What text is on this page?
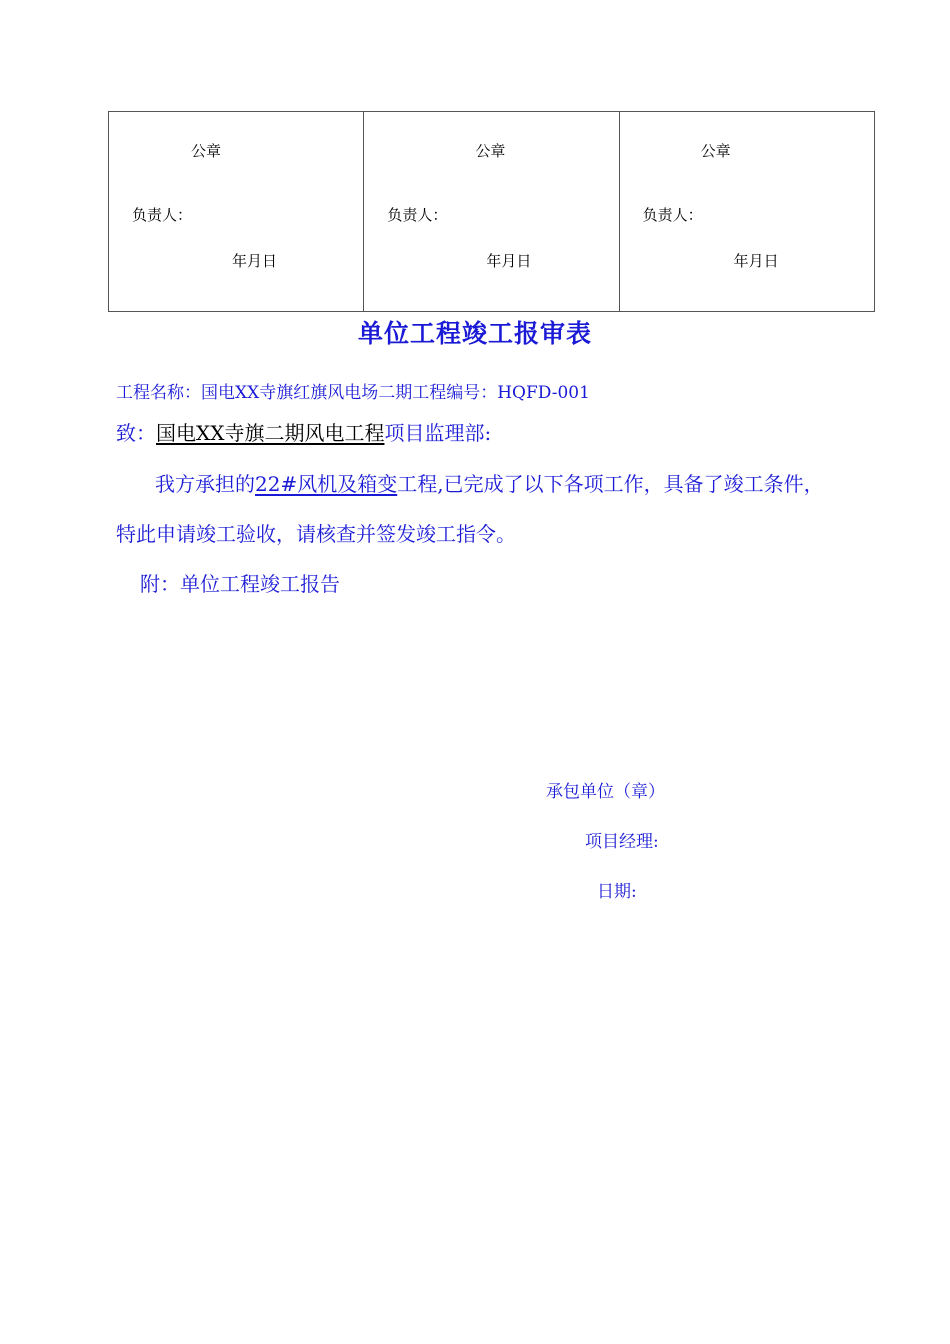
公章
负责人：
年月日
公章
负责人：
年月日
公章
负责人：
年月日
单位工程竣工报审表
工程名称：国电XX寺旗红旗风电场二期工程编号：HQFD-001
致：国电XX寺旗二期风电工程项目监理部:
我方承担的22#风机及箱变工程,已完成了以下各项工作，具备了竣工条件，
特此申请竣工验收，请核查并签发竣工指令。
附：单位工程竣工报告
承包单位（章）
项目经理:
日期:
